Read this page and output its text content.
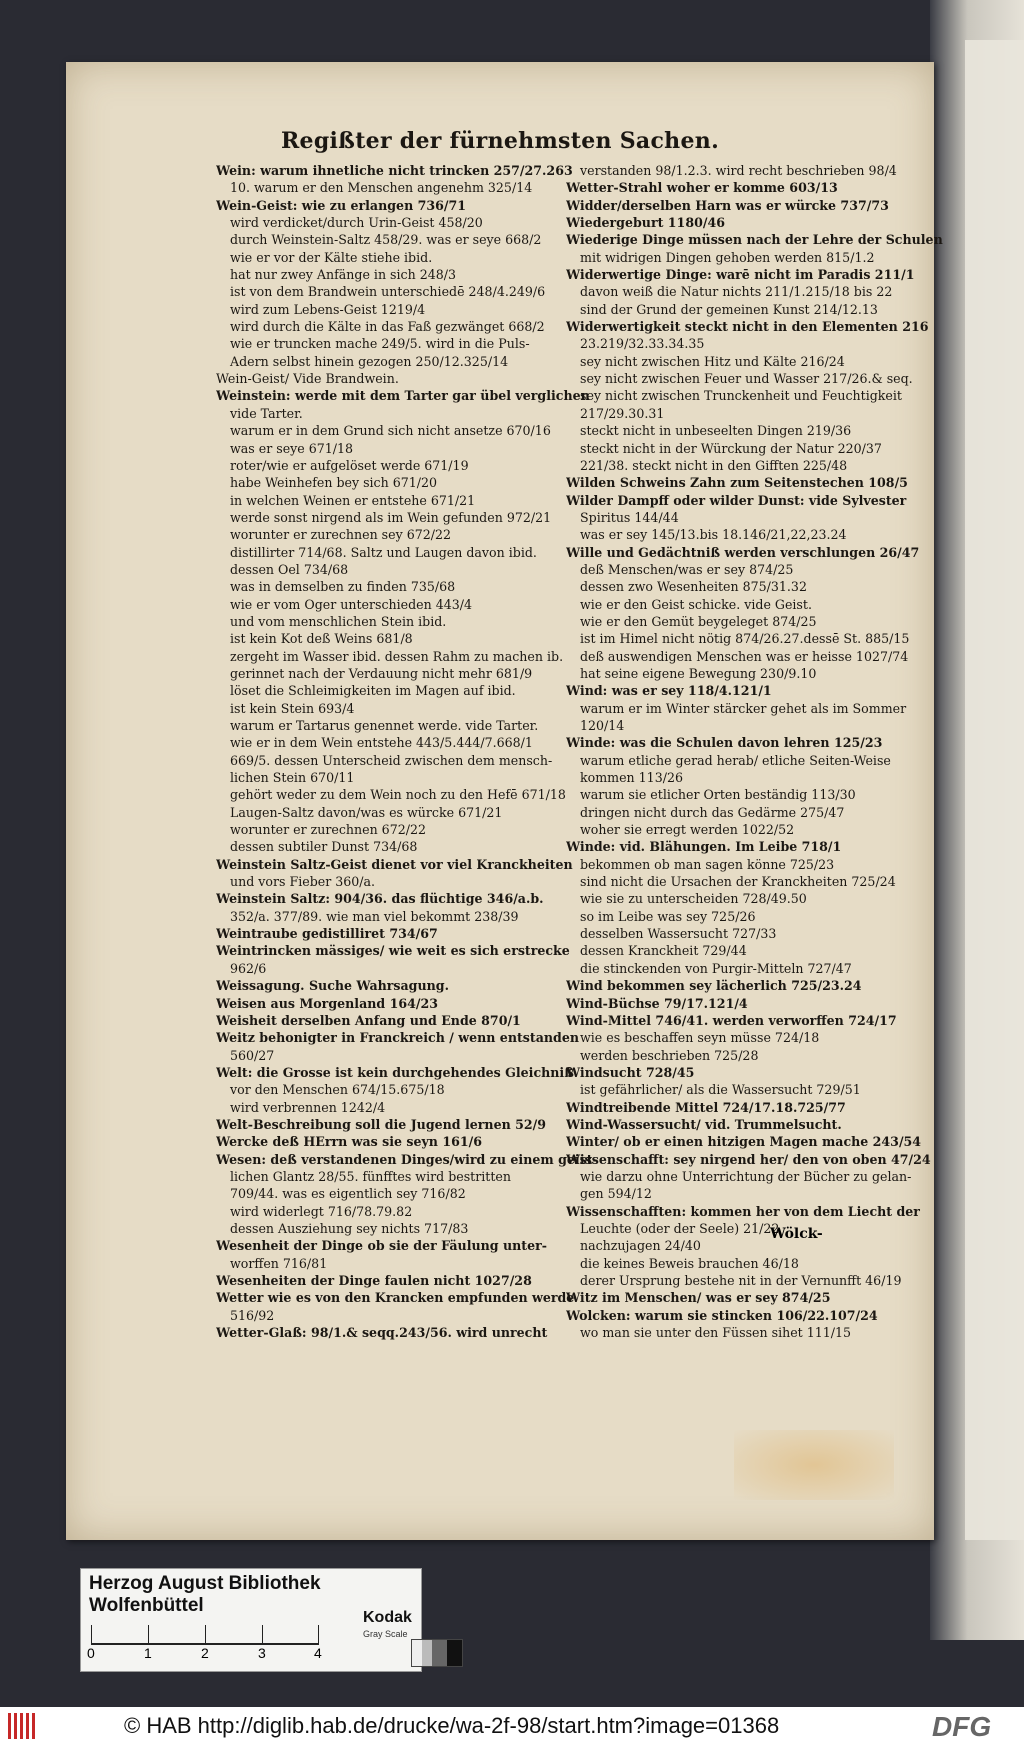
Regißter der fürnehmsten Sachen.
Wein: warum ihnetliche nicht trincken 257/27.263
10. warum er den Menschen angenehm 325/14
Wein-Geist: wie zu erlangen 736/71
wird verdicket/durch Urin-Geist 458/20
durch Weinstein-Saltz 458/29. was er seye 668/2
wie er vor der Kälte stiehe ibid.
hat nur zwey Anfänge in sich 248/3
ist von dem Brandwein unterschiedē 248/4.249/6
wird zum Lebens-Geist 1219/4
wird durch die Kälte in das Faß gezwänget 668/2
wie er truncken mache 249/5. wird in die Puls-
Adern selbst hinein gezogen 250/12.325/14
Wein-Geist/ Vide Brandwein.
Weinstein: werde mit dem Tarter gar übel verglichen
vide Tarter.
warum er in dem Grund sich nicht ansetze 670/16
was er seye 671/18
roter/wie er aufgelöset werde 671/19
habe Weinhefen bey sich 671/20
in welchen Weinen er entstehe 671/21
werde sonst nirgend als im Wein gefunden 972/21
worunter er zurechnen sey 672/22
distillirter 714/68. Saltz und Laugen davon ibid.
dessen Oel 734/68
was in demselben zu finden 735/68
wie er vom Oger unterschieden 443/4
und vom menschlichen Stein ibid.
ist kein Kot deß Weins 681/8
zergeht im Wasser ibid. dessen Rahm zu machen ib.
gerinnet nach der Verdauung nicht mehr 681/9
löset die Schleimigkeiten im Magen auf ibid.
ist kein Stein 693/4
warum er Tartarus genennet werde. vide Tarter.
wie er in dem Wein entstehe 443/5.444/7.668/1
669/5. dessen Unterscheid zwischen dem mensch-
lichen Stein 670/11
gehört weder zu dem Wein noch zu den Hefē 671/18
Laugen-Saltz davon/was es würcke 671/21
worunter er zurechnen 672/22
dessen subtiler Dunst 734/68
Weinstein Saltz-Geist dienet vor viel Kranckheiten
und vors Fieber 360/a.
Weinstein Saltz: 904/36. das flüchtige 346/a.b.
352/a. 377/89. wie man viel bekommt 238/39
Weintraube gedistilliret 734/67
Weintrincken mässiges/ wie weit es sich erstrecke
962/6
Weissagung. Suche Wahrsagung.
Weisen aus Morgenland 164/23
Weisheit derselben Anfang und Ende 870/1
Weitz behonigter in Franckreich / wenn entstanden
560/27
Welt: die Grosse ist kein durchgehendes Gleichniß
vor den Menschen 674/15.675/18
wird verbrennen 1242/4
Welt-Beschreibung soll die Jugend lernen 52/9
Wercke deß HErrn was sie seyn 161/6
Wesen: deß verstandenen Dinges/wird zu einem geist-
lichen Glantz 28/55. fünfftes wird bestritten
709/44. was es eigentlich sey 716/82
wird widerlegt 716/78.79.82
dessen Ausziehung sey nichts 717/83
Wesenheit der Dinge ob sie der Fäulung unter-
worffen 716/81
Wesenheiten der Dinge faulen nicht 1027/28
Wetter wie es von den Krancken empfunden werde
516/92
Wetter-Glaß: 98/1.& seqq.243/56. wird unrecht
verstanden 98/1.2.3. wird recht beschrieben 98/4
Wetter-Strahl woher er komme 603/13
Widder/derselben Harn was er würcke 737/73
Wiedergeburt 1180/46
Wiederige Dinge müssen nach der Lehre der Schulen
mit widrigen Dingen gehoben werden 815/1.2
Widerwertige Dinge: warē nicht im Paradis 211/1
davon weiß die Natur nichts 211/1.215/18 bis 22
sind der Grund der gemeinen Kunst 214/12.13
Widerwertigkeit steckt nicht in den Elementen 216
23.219/32.33.34.35
sey nicht zwischen Hitz und Kälte 216/24
sey nicht zwischen Feuer und Wasser 217/26.& seq.
sey nicht zwischen Trunckenheit und Feuchtigkeit
217/29.30.31
steckt nicht in unbeseelten Dingen 219/36
steckt nicht in der Würckung der Natur 220/37
221/38. steckt nicht in den Gifften 225/48
Wilden Schweins Zahn zum Seitenstechen 108/5
Wilder Dampff oder wilder Dunst: vide Sylvester
Spiritus 144/44
was er sey 145/13.bis 18.146/21,22,23.24
Wille und Gedächtniß werden verschlungen 26/47
deß Menschen/was er sey 874/25
dessen zwo Wesenheiten 875/31.32
wie er den Geist schicke. vide Geist.
wie er den Gemüt beygeleget 874/25
ist im Himel nicht nötig 874/26.27.dessē St. 885/15
deß auswendigen Menschen was er heisse 1027/74
hat seine eigene Bewegung 230/9.10
Wind: was er sey 118/4.121/1
warum er im Winter stärcker gehet als im Sommer
120/14
Winde: was die Schulen davon lehren 125/23
warum etliche gerad herab/ etliche Seiten-Weise
kommen 113/26
warum sie etlicher Orten beständig 113/30
dringen nicht durch das Gedärme 275/47
woher sie erregt werden 1022/52
Winde: vid. Blähungen. Im Leibe 718/1
bekommen ob man sagen könne 725/23
sind nicht die Ursachen der Kranckheiten 725/24
wie sie zu unterscheiden 728/49.50
so im Leibe was sey 725/26
desselben Wassersucht 727/33
dessen Kranckheit 729/44
die stinckenden von Purgir-Mitteln 727/47
Wind bekommen sey lächerlich 725/23.24
Wind-Büchse 79/17.121/4
Wind-Mittel 746/41. werden verworffen 724/17
wie es beschaffen seyn müsse 724/18
werden beschrieben 725/28
Windsucht 728/45
ist gefährlicher/ als die Wassersucht 729/51
Windtreibende Mittel 724/17.18.725/77
Wind-Wassersucht/ vid. Trummelsucht.
Winter/ ob er einen hitzigen Magen mache 243/54
Wissenschafft: sey nirgend her/ den von oben 47/24
wie darzu ohne Unterrichtung der Bücher zu gelan-
gen 594/12
Wissenschafften: kommen her von dem Liecht der
Leuchte (oder der Seele) 21/22
nachzujagen 24/40
die keines Beweis brauchen 46/18
derer Ursprung bestehe nit in der Vernunfft 46/19
Witz im Menschen/ was er sey 874/25
Wolcken: warum sie stincken 106/22.107/24
wo man sie unter den Füssen sihet 111/15
Wölck-
Herzog August Bibliothek Wolfenbüttel
0	1	2	3	4
Kodak
Gray Scale
© HAB http://diglib.hab.de/drucke/wa-2f-98/start.htm?image=01368	DFG
